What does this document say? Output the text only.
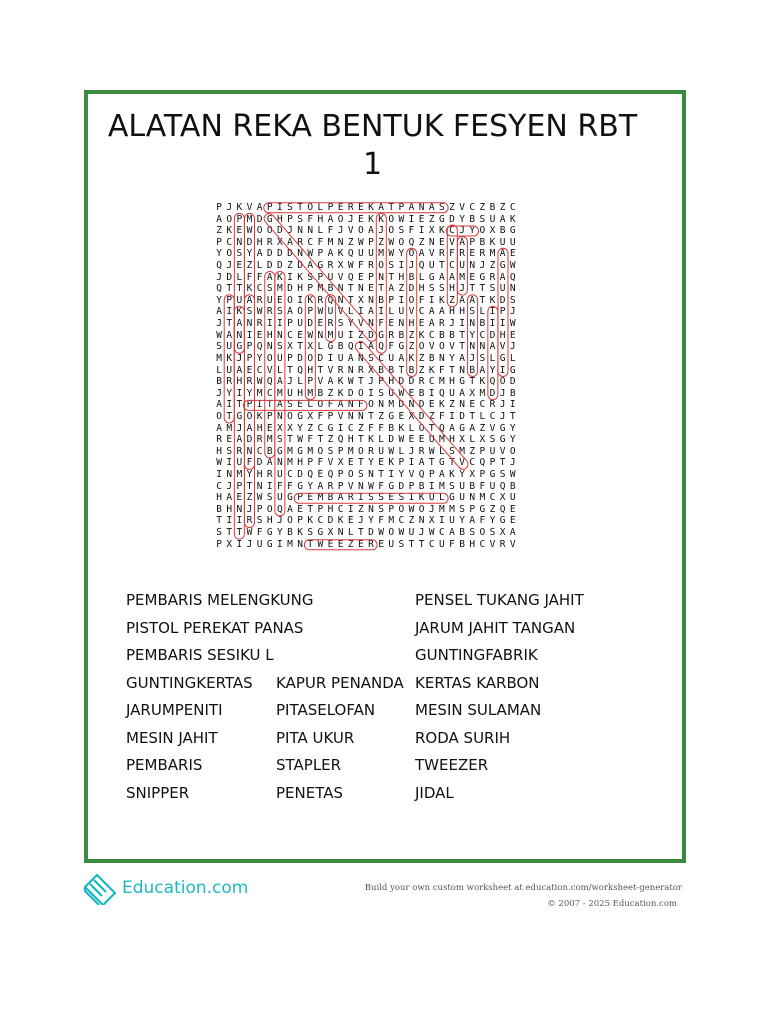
ALATAN REKA BENTUK FESYEN RBT 1
P J K V A P I S T O L P E R E K A T P A N A S Z V C Z B Z C
A O P M D G H P S F H A O J E K K O W I E Z G D Y B S U A K
Z K E W O O D J N N L F J V O A J O S F I X K C J Y O X B G
P C N D H R X A R C F M N Z W P Z W O Q Z N E V A P B K U U
Y O S Y A D D D N W P A K Q U U M W Y O A V R F R E R M A E
Q J E Z L D D Z D A G R X W F R O S I J Q U T C U N J Z G W
J D L F F A K I K S P U V Q E P N T H B L G A A M E G R A Q
Q T T K C S M D H P M B N T N E T A Z D H S S H J T T S U N
Y P U A R U E O I K R Q N T X N B P I O F I K Z A A T K D S
A I K S W R S A O P W U V L I A I L U V C A A H H S L I P J
J T A N R I I P U D E R S Y V N F E N H E A R J I N B I I W
W A N I E H N C E W N M U I Z D G R B Z K C B B T Y C D H E
S U G P Q N S X T X L G B Q I A Q F G Z O V O V T N N A V J
M K J P Y O U P D O D I U A N S C U A K Z B N Y A J S L G L
L U A E C V L T Q H T V R N R X B B T B Z K F T N B A Y I G
B R H R W Q A J L P V A K W T J P H D D R C M H G T K Q O D
J Y I Y M C M U H M B Z K D O I S U W E B I Q U A X M D J B
A I T P I T A S E L O F A N F O N M D N D E K Z N E C R J I
O T G O K P N O G X F P V N N T Z G E X D Z F I D T L C J T
A M J A H E X X Y Z C G I C Z F F B K L O T Q A G A Z V G Y
R E A D R M S T W F T Z Q H T K L D W E E U M H X L X S G Y
H S R N C B G M G M O S P M O R U W L J R W L S M Z P U V O
W I U F D A N M H P F V X E T Y E K P I A T G T V C Q P T J
I N M Y H R U C D Q E Q P O S N T I Y V Q P A K Y X P G S W
C J P T N I F F G Y A R P V N W F G D P B I M S U B F U Q B
H A E Z W S U G P E M B A R I S S E S I K U L G U N M C X U
B H N J P O Q A E T P H C I Z N S P O W O J M M S P G Z Q E
T I I R S H J O P K C D K E J Y F M C Z N X I U Y A F Y G E
S T T W F G Y B K S G X N L T D W O W U J W C A B S O S X A
P X I J U G I M N T W E E Z E R E U S T T C U F B H C V R V
PEMBARIS MELENGKUNG
PISTOL PEREKAT PANAS
PEMBARIS SESIKU L
GUNTINGKERTAS
JARUMPENITI
MESIN JAHIT
PEMBARIS
SNIPPER
KAPUR PENANDA
PITASELOFAN
PITA UKUR
STAPLER
PENETAS
PENSEL TUKANG JAHIT
JARUM JAHIT TANGAN
GUNTINGFABRIK
KERTAS KARBON
MESIN SULAMAN
RODA SURIH
TWEEZER
JIDAL
Education.com	Build your own custom worksheet at education.com/worksheet-generator
© 2007 - 2025 Education.com
